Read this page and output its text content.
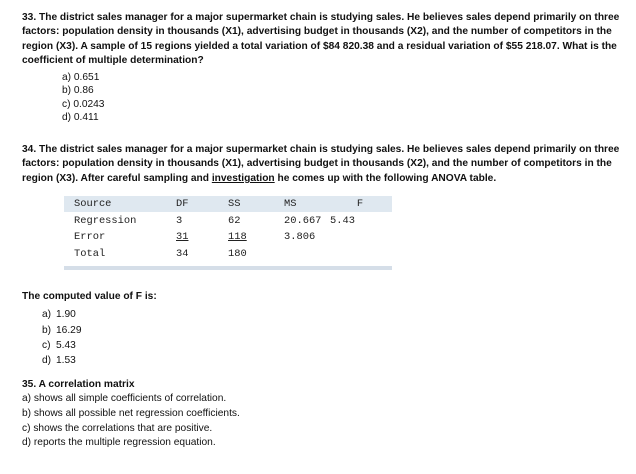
33. The district sales manager for a major supermarket chain is studying sales. He believes sales depend primarily on three factors: population density in thousands (X1), advertising budget in thousands (X2), and the number of competitors in the region (X3). A sample of 15 regions yielded a total variation of $84 820.38 and a residual variation of $55 218.07. What is the coefficient of multiple determination?

a) 0.651
b) 0.86
c) 0.0243
d) 0.411

34. The district sales manager for a major supermarket chain is studying sales. He believes sales depend primarily on three factors: population density in thousands (X1), advertising budget in thousands (X2), and the number of competitors in the region (X3). After careful sampling and investigation he comes up with the following ANOVA table.

Source	DF	SS	MS	F
Regression	3	62	20.667	5.43
Error	31	118	3.806	
Total	34	180		

The computed value of F is:

a) 1.90
b) 16.29
c) 5.43
d) 1.53

35. A correlation matrix

a) shows all simple coefficients of correlation.
b) shows all possible net regression coefficients.
c) shows the correlations that are positive.
d) reports the multiple regression equation.
